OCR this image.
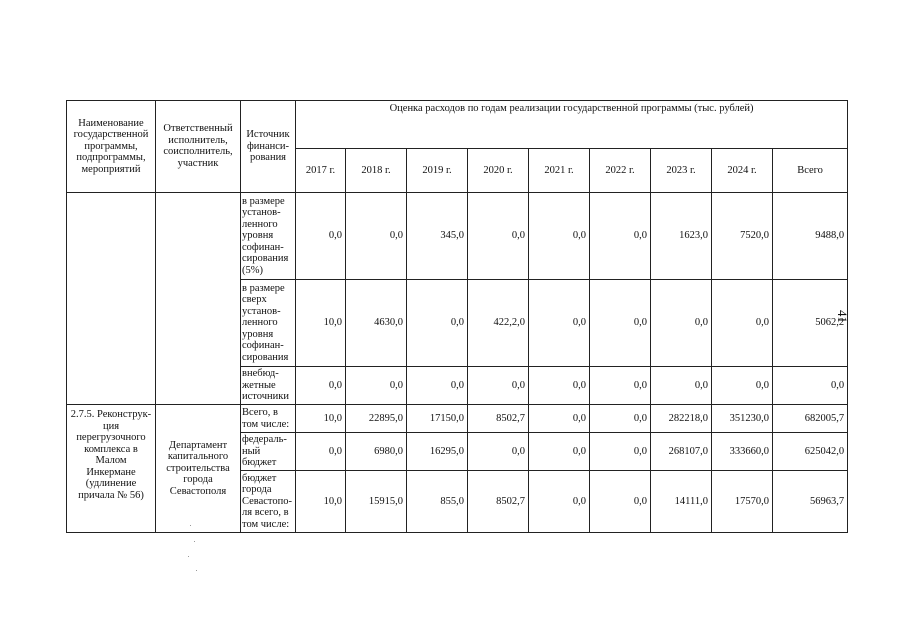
Наименование государственной программы, подпрограммы, мероприятий	Ответственный исполнитель, соисполнитель, участник	Источник финанси-рования	Оценка расходов по годам реализации государственной программы (тыс. рублей)								
			2017 г.	2018 г.	2019 г.	2020 г.	2021 г.	2022 г.	2023 г.	2024 г.	Всего
		в размере установ-ленного уровня софинан-сирования (5%)	0,0	0,0	345,0	0,0	0,0	0,0	1623,0	7520,0	9488,0
		в размере сверх установ-ленного уровня софинан-сирования	10,0	4630,0	0,0	422,2,0	0,0	0,0	0,0	0,0	5062,2
		внебюд-жетные источники	0,0	0,0	0,0	0,0	0,0	0,0	0,0	0,0	0,0
2.7.5. Реконструк-ция перегрузочного комплекса в Малом Инкермане (удлинение причала № 56)	Департамент капитального строительства города Севастополя	Всего, в том числе:	10,0	22895,0	17150,0	8502,7	0,0	0,0	282218,0	351230,0	682005,7
		федераль-ный бюджет	0,0	6980,0	16295,0	0,0	0,0	0,0	268107,0	333660,0	625042,0
		бюджет города Севастопо-ля всего, в том числе:	10,0	15915,0	855,0	8502,7	0,0	0,0	14111,0	17570,0	56963,7
41
